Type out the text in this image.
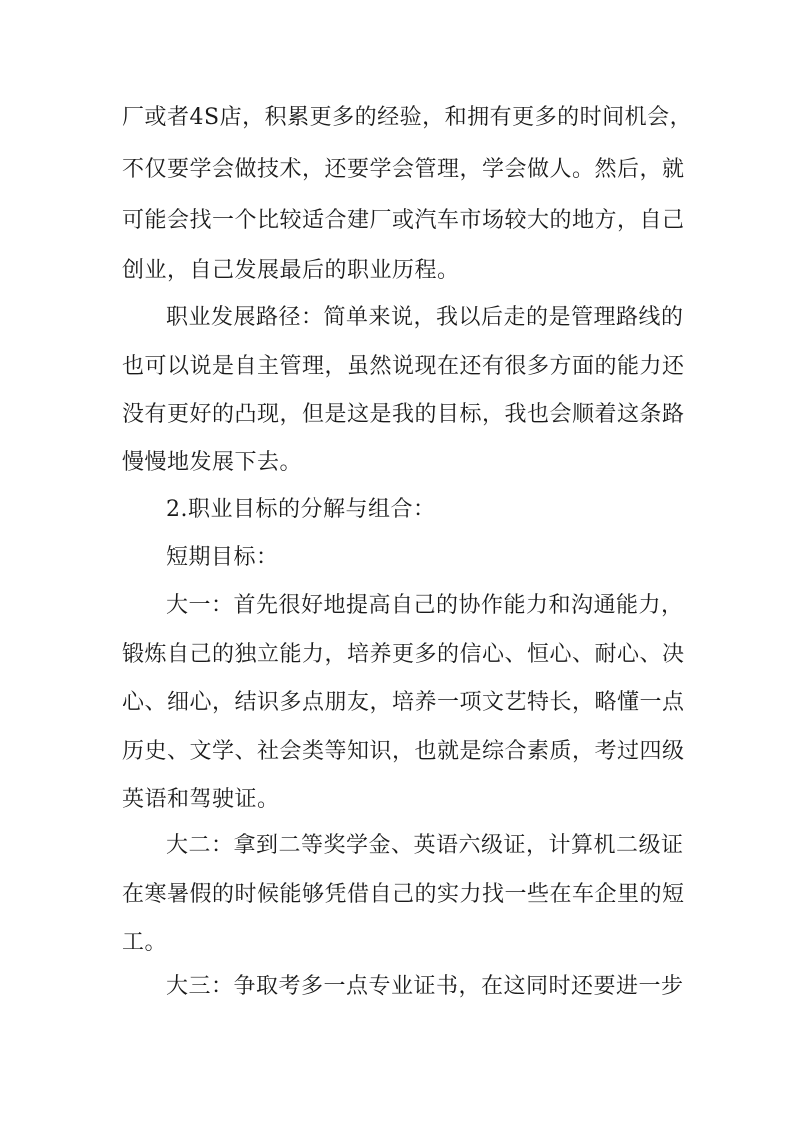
厂或者4S店，积累更多的经验，和拥有更多的时间机会，
不仅要学会做技术，还要学会管理，学会做人。然后，就
可能会找一个比较适合建厂或汽车市场较大的地方，自己
创业，自己发展最后的职业历程。
职业发展路径：简单来说，我以后走的是管理路线的
也可以说是自主管理，虽然说现在还有很多方面的能力还
没有更好的凸现，但是这是我的目标，我也会顺着这条路
慢慢地发展下去。
2.职业目标的分解与组合：
短期目标：
大一：首先很好地提高自己的协作能力和沟通能力，
锻炼自己的独立能力，培养更多的信心、恒心、耐心、决
心、细心，结识多点朋友，培养一项文艺特长，略懂一点
历史、文学、社会类等知识，也就是综合素质，考过四级
英语和驾驶证。
大二：拿到二等奖学金、英语六级证，计算机二级证
在寒暑假的时候能够凭借自己的实力找一些在车企里的短
工。
大三：争取考多一点专业证书，在这同时还要进一步
